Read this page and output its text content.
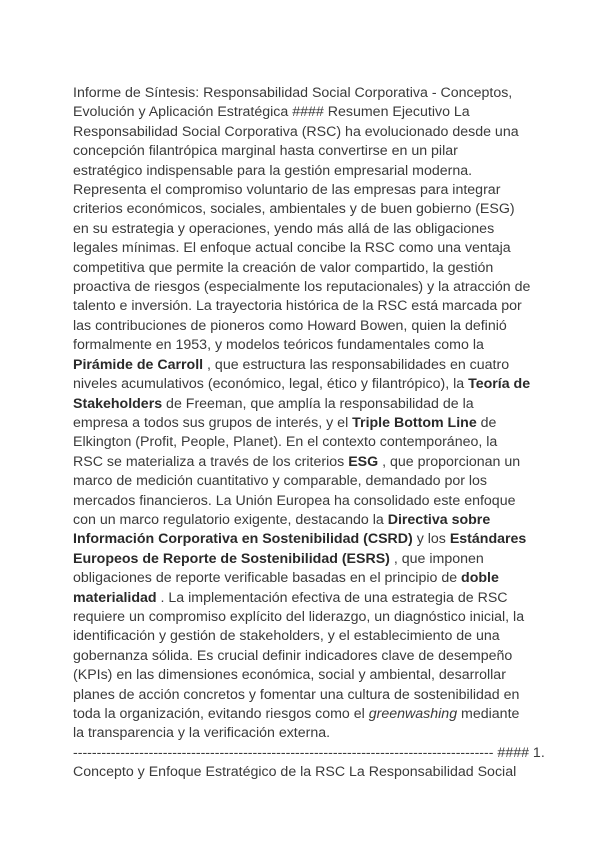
Informe de Síntesis: Responsabilidad Social Corporativa - Conceptos,
Evolución y Aplicación Estratégica #### Resumen Ejecutivo La
Responsabilidad Social Corporativa (RSC) ha evolucionado desde una
concepción filantrópica marginal hasta convertirse en un pilar
estratégico indispensable para la gestión empresarial moderna.
Representa el compromiso voluntario de las empresas para integrar
criterios económicos, sociales, ambientales y de buen gobierno (ESG)
en su estrategia y operaciones, yendo más allá de las obligaciones
legales mínimas. El enfoque actual concibe la RSC como una ventaja
competitiva que permite la creación de valor compartido, la gestión
proactiva de riesgos (especialmente los reputacionales) y la atracción de
talento e inversión. La trayectoria histórica de la RSC está marcada por
las contribuciones de pioneros como Howard Bowen, quien la definió
formalmente en 1953, y modelos teóricos fundamentales como la
Pirámide de Carroll , que estructura las responsabilidades en cuatro
niveles acumulativos (económico, legal, ético y filantrópico), la Teoría de
Stakeholders de Freeman, que amplía la responsabilidad de la
empresa a todos sus grupos de interés, y el Triple Bottom Line de
Elkington (Profit, People, Planet). En el contexto contemporáneo, la
RSC se materializa a través de los criterios ESG , que proporcionan un
marco de medición cuantitativo y comparable, demandado por los
mercados financieros. La Unión Europea ha consolidado este enfoque
con un marco regulatorio exigente, destacando la Directiva sobre
Información Corporativa en Sostenibilidad (CSRD) y los Estándares
Europeos de Reporte de Sostenibilidad (ESRS) , que imponen
obligaciones de reporte verificable basadas en el principio de doble
materialidad . La implementación efectiva de una estrategia de RSC
requiere un compromiso explícito del liderazgo, un diagnóstico inicial, la
identificación y gestión de stakeholders, y el establecimiento de una
gobernanza sólida. Es crucial definir indicadores clave de desempeño
(KPIs) en las dimensiones económica, social y ambiental, desarrollar
planes de acción concretos y fomentar una cultura de sostenibilidad en
toda la organización, evitando riesgos como el greenwashing mediante
la transparencia y la verificación externa.
----------------------------------------------------------------------------------------- #### 1.
Concepto y Enfoque Estratégico de la RSC La Responsabilidad Social
